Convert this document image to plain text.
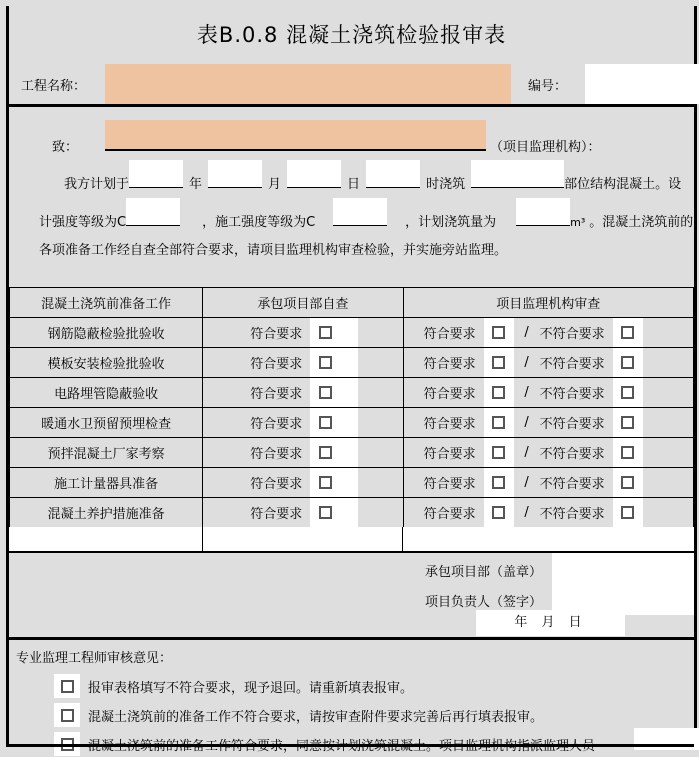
表B.0.8 混凝土浇筑检验报审表
工程名称：	编号：
致：	（项目监理机构）：
我方计划于	年	月	日	时浇筑	部位结构混凝土。设
计强度等级为C	，施工强度等级为C	，计划浇筑量为	m³ 。混凝土浇筑前的
各项准备工作经自查全部符合要求，请项目监理机构审查检验，并实施旁站监理。
混凝土浇筑前准备工作	承包项目部自查	项目监理机构审查

钢筋隐蔽检验批验收	符合要求	符合要求 / 不符合要求

模板安装检验批验收	符合要求	符合要求 / 不符合要求

电路埋管隐蔽验收	符合要求	符合要求 / 不符合要求

暖通水卫预留预埋检查	符合要求	符合要求 / 不符合要求

预拌混凝土厂家考察	符合要求	符合要求 / 不符合要求

施工计量器具准备	符合要求	符合要求 / 不符合要求

混凝土养护措施准备	符合要求	符合要求 / 不符合要求
承包项目部（盖章）
项目负责人（签字）
年 月 日
专业监理工程师审核意见：
报审表格填写不符合要求，现予退回。请重新填表报审。
混凝土浇筑前的准备工作不符合要求，请按审查附件要求完善后再行填表报审。
